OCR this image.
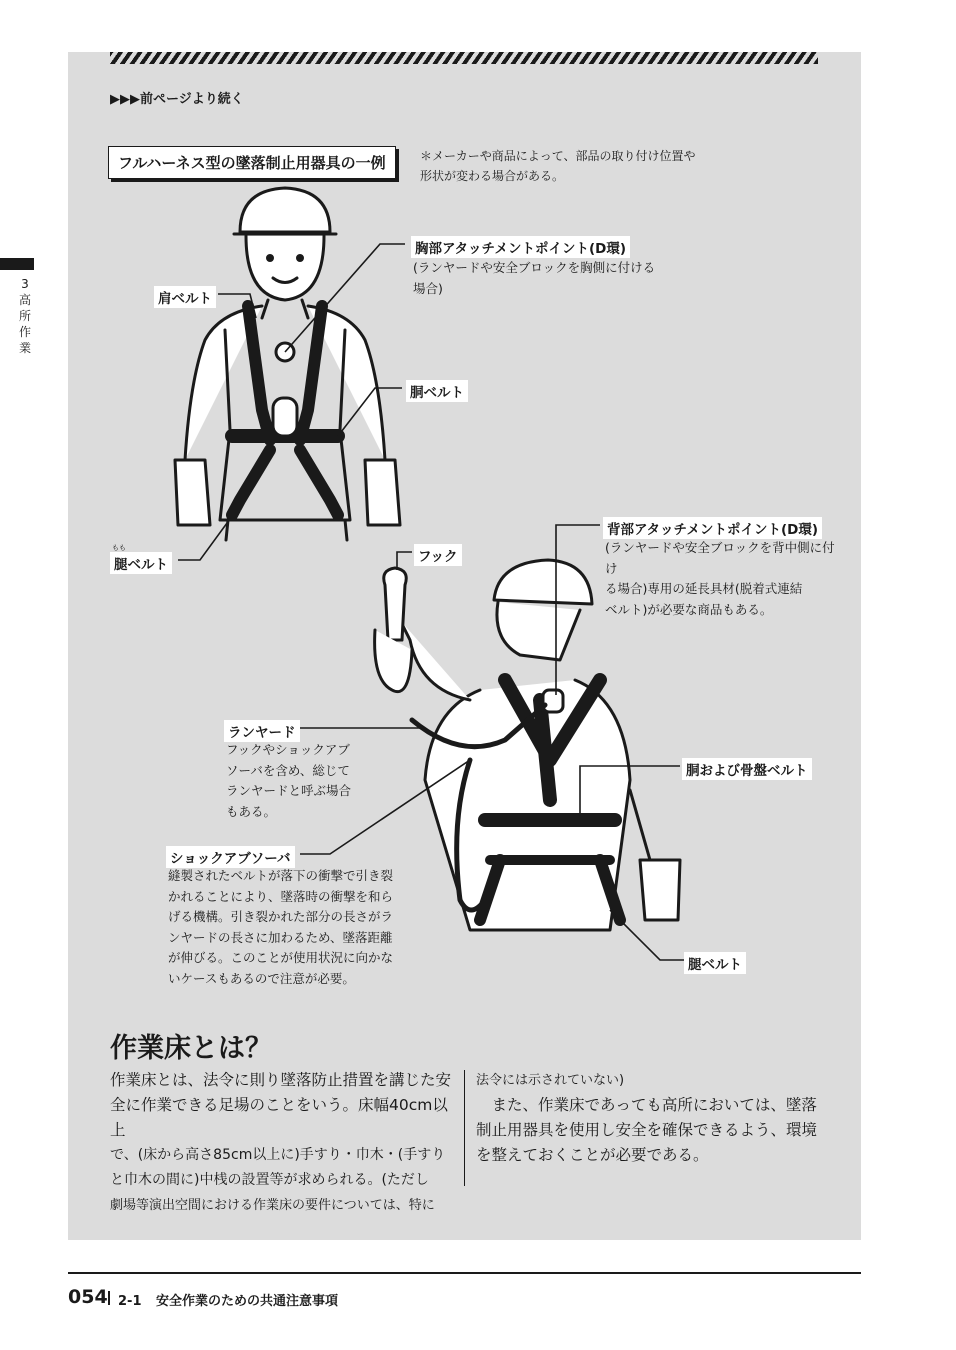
▶▶▶前ページより続く
3
高
所
作
業
フルハーネス型の墜落制止用器具の一例	＊メーカーや商品によって、部品の取り付け位置や
形状が変わる場合がある。
胸部アタッチメントポイント(D環)
(ランヤードや安全ブロックを胸側に付ける
場合)
肩ベルト
胴ベルト
もも
腿ベルト	フック
背部アタッチメントポイント(D環)
(ランヤードや安全ブロックを背中側に付け
る場合)専用の延長具材(脱着式連結
ベルト)が必要な商品もある。
ランヤード
フックやショックアブ
ソーバを含め、総じて
ランヤードと呼ぶ場合
もある。
胴および骨盤ベルト
ショックアブソーバ
縫製されたベルトが落下の衝撃で引き裂
かれることにより、墜落時の衝撃を和ら
げる機構。引き裂かれた部分の長さがラ
ンヤードの長さに加わるため、墜落距離
が伸びる。このことが使用状況に向かな
いケースもあるので注意が必要。
腿ベルト
作業床とは？
作業床とは、法令に則り墜落防止措置を講じた安
全に作業できる足場のことをいう。床幅40cm以上
で、(床から高さ85cm以上に)手すり・巾木・(手すり
と巾木の間に)中桟の設置等が求められる。(ただし
劇場等演出空間における作業床の要件については、特に
法令には示されていない)
　また、作業床であっても高所においては、墜落
制止用器具を使用し安全を確保できるよう、環境
を整えておくことが必要である。
054 2-1 安全作業のための共通注意事項
